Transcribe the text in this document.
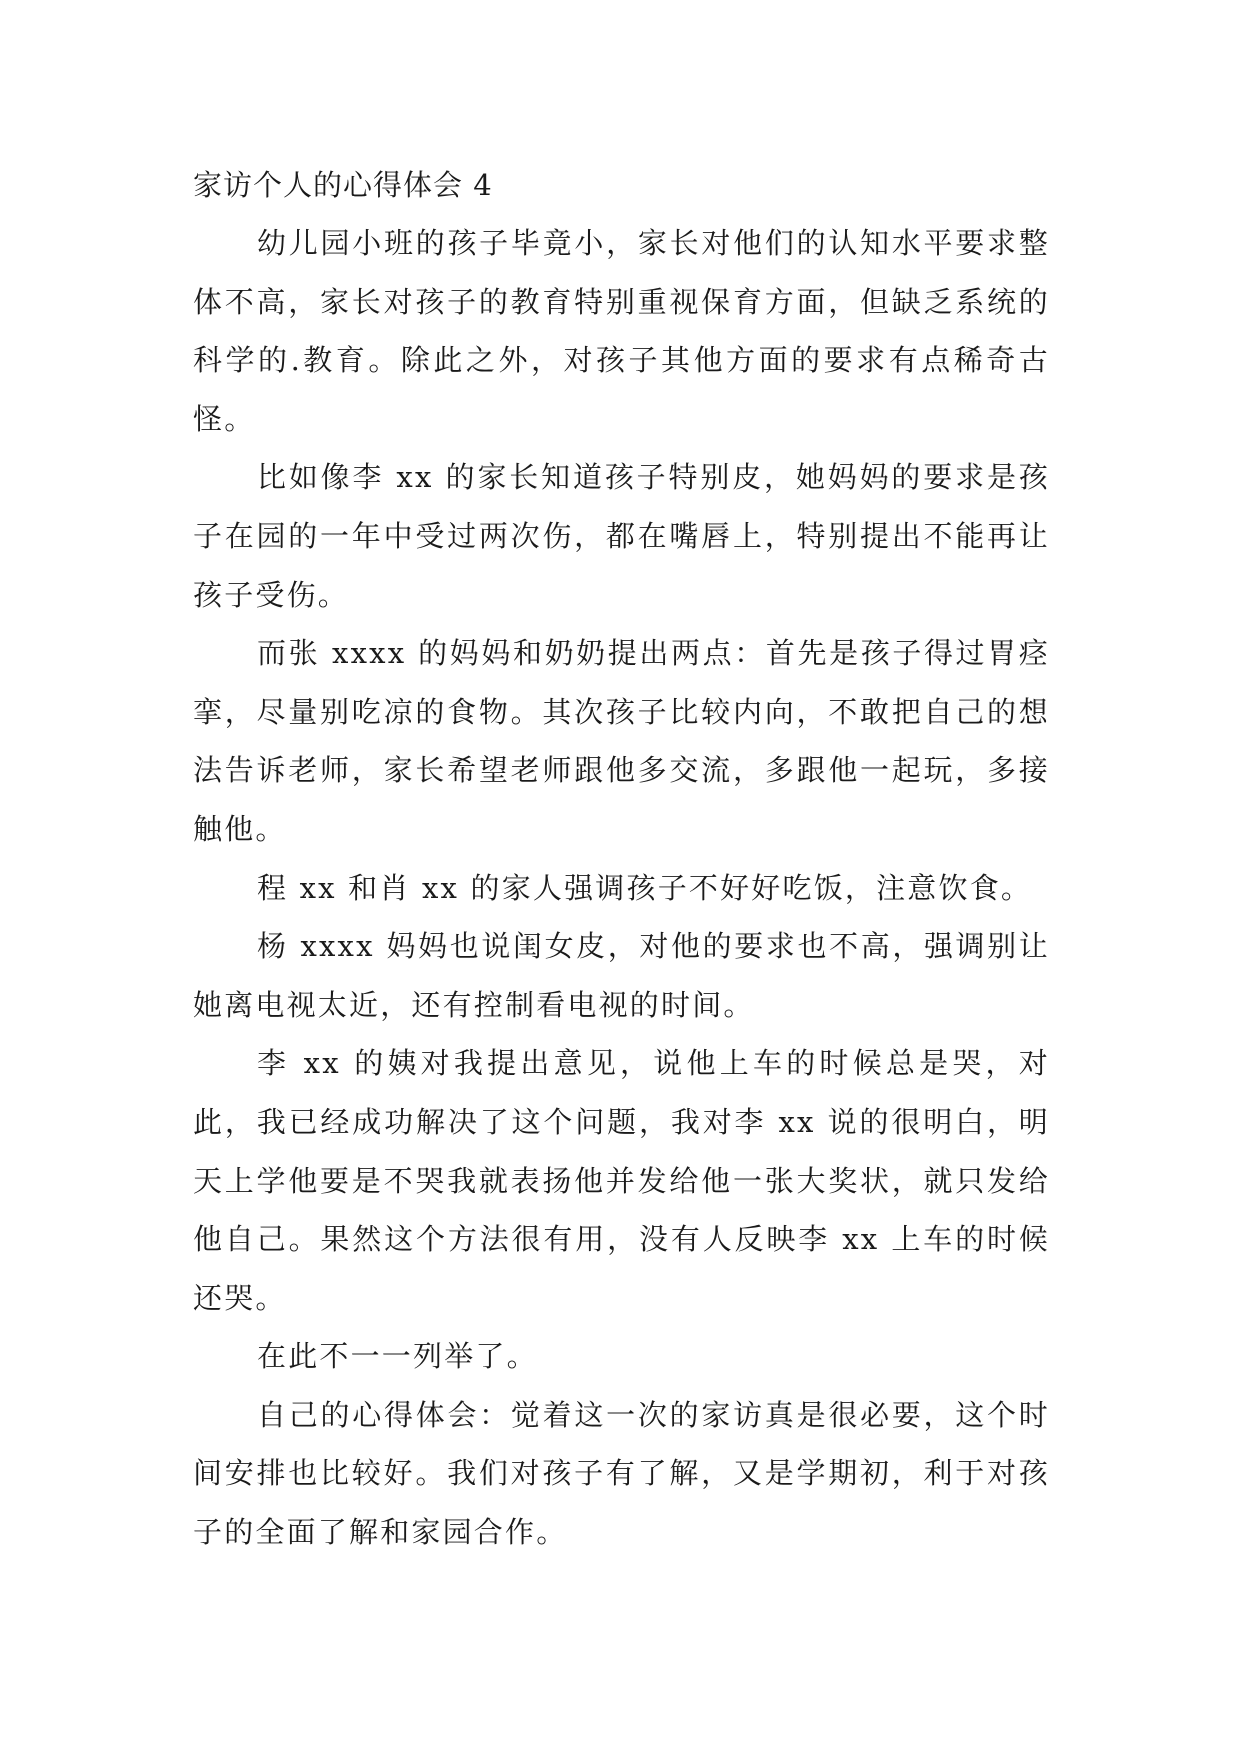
家访个人的心得体会 4

幼儿园小班的孩子毕竟小，家长对他们的认知水平要求整体不高，家长对孩子的教育特别重视保育方面，但缺乏系统的科学的.教育。除此之外，对孩子其他方面的要求有点稀奇古怪。

比如像李 xx 的家长知道孩子特别皮，她妈妈的要求是孩子在园的一年中受过两次伤，都在嘴唇上，特别提出不能再让孩子受伤。

而张 xxxx 的妈妈和奶奶提出两点：首先是孩子得过胃痉挛，尽量别吃凉的食物。其次孩子比较内向，不敢把自己的想法告诉老师，家长希望老师跟他多交流，多跟他一起玩，多接触他。

程 xx 和肖 xx 的家人强调孩子不好好吃饭，注意饮食。

杨 xxxx 妈妈也说闺女皮，对他的要求也不高，强调别让她离电视太近，还有控制看电视的时间。

李 xx 的姨对我提出意见，说他上车的时候总是哭，对此，我已经成功解决了这个问题，我对李 xx 说的很明白，明天上学他要是不哭我就表扬他并发给他一张大奖状，就只发给他自己。果然这个方法很有用，没有人反映李 xx 上车的时候还哭。

在此不一一列举了。

自己的心得体会：觉着这一次的家访真是很必要，这个时间安排也比较好。我们对孩子有了解，又是学期初，利于对孩子的全面了解和家园合作。
